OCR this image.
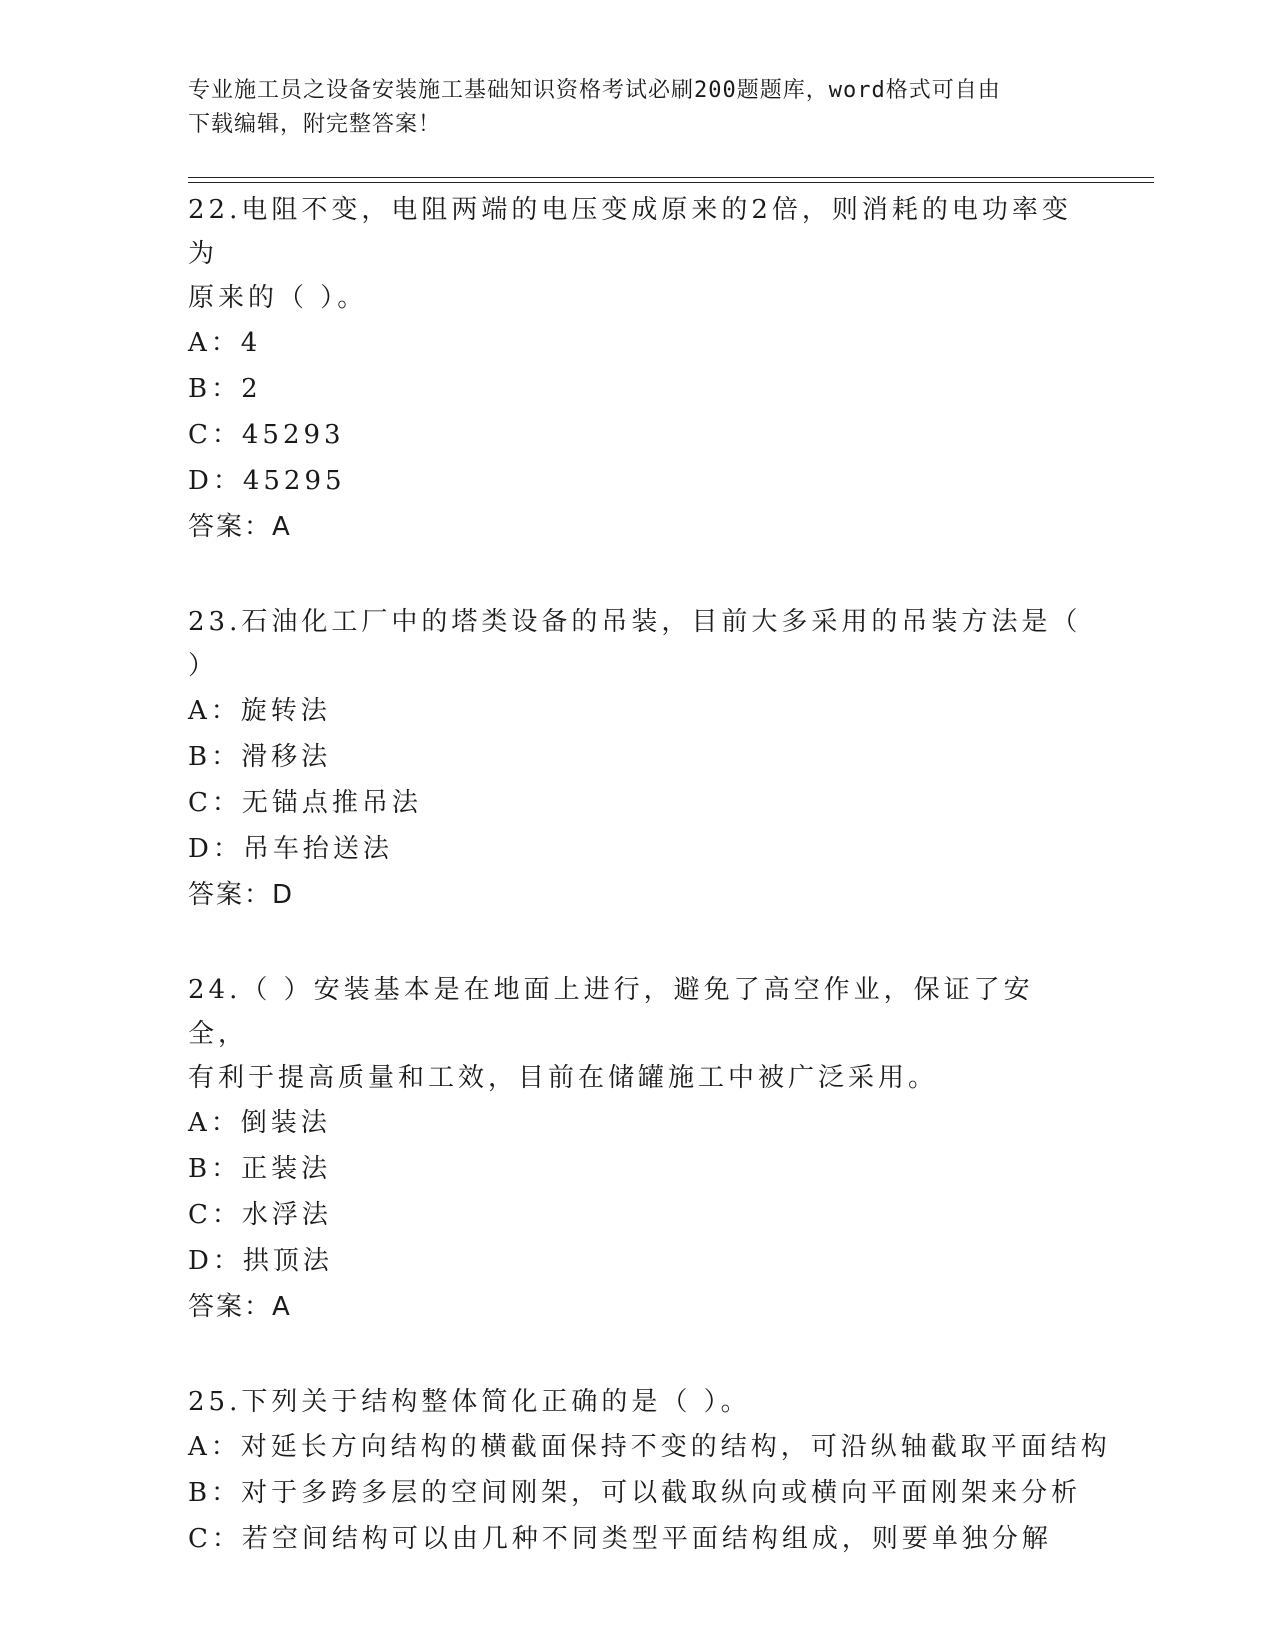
专业施工员之设备安装施工基础知识资格考试必刷200题题库，word格式可自由
下载编辑，附完整答案！
22.电阻不变，电阻两端的电压变成原来的2倍，则消耗的电功率变为
原来的（ ）。
A：4
B：2
C：45293
D：45295
答案：A
23.石油化工厂中的塔类设备的吊装，目前大多采用的吊装方法是（
）
A：旋转法
B：滑移法
C：无锚点推吊法
D：吊车抬送法
答案：D
24.（ ）安装基本是在地面上进行，避免了高空作业，保证了安全，
有利于提高质量和工效，目前在储罐施工中被广泛采用。
A：倒装法
B：正装法
C：水浮法
D：拱顶法
答案：A
25.下列关于结构整体简化正确的是（ ）。
A：对延长方向结构的横截面保持不变的结构，可沿纵轴截取平面结构
B：对于多跨多层的空间刚架，可以截取纵向或横向平面刚架来分析
C：若空间结构可以由几种不同类型平面结构组成，则要单独分解
